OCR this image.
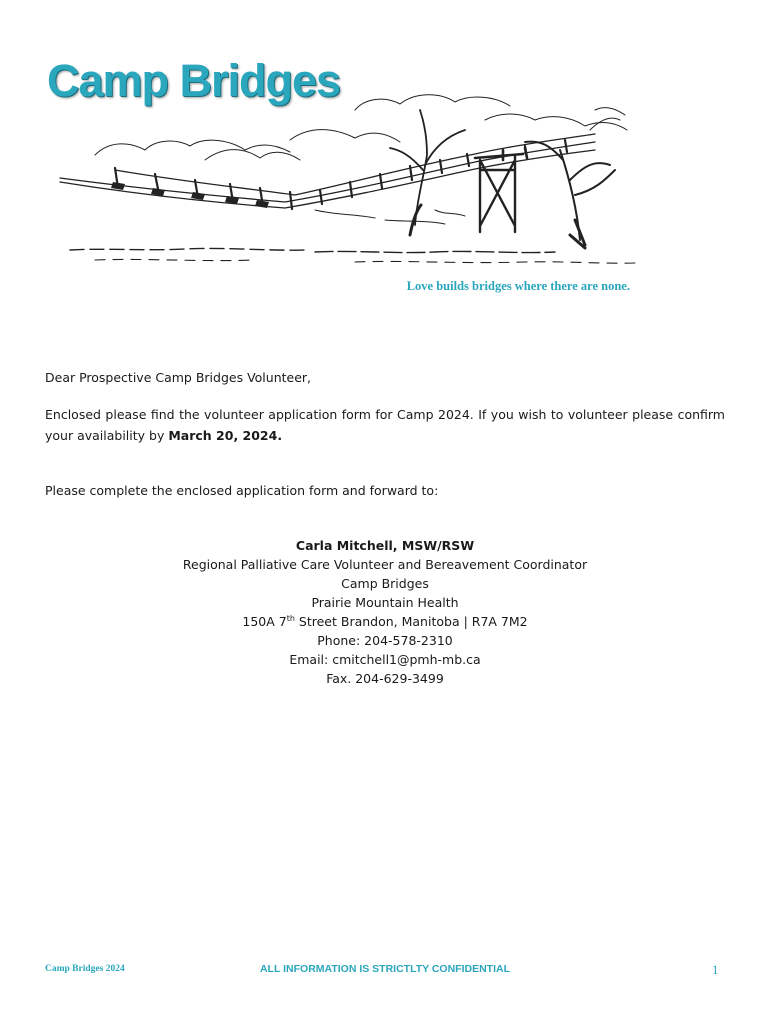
Camp Bridges

Love builds bridges where there are none.

Dear Prospective Camp Bridges Volunteer,

Enclosed please find the volunteer application form for Camp 2024. If you wish to volunteer please confirm your availability by March 20, 2024.

Please complete the enclosed application form and forward to:

Carla Mitchell, MSW/RSW
Regional Palliative Care Volunteer and Bereavement Coordinator
Camp Bridges
Prairie Mountain Health
150A 7th Street Brandon, Manitoba | R7A 7M2
Phone: 204-578-2310
Email: cmitchell1@pmh-mb.ca
Fax. 204-629-3499
Camp Bridges 2024	ALL INFORMATION IS STRICTLTY CONFIDENTIAL	1
